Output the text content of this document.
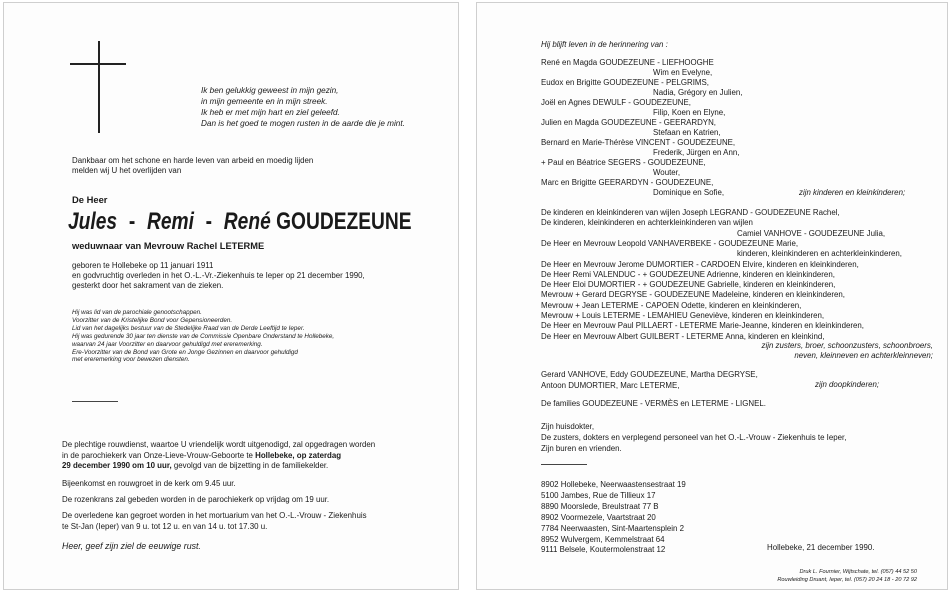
Ik ben gelukkig geweest in mijn gezin,
in mijn gemeente en in mijn streek.
Ik heb er met mijn hart en ziel geleefd.
Dan is het goed te mogen rusten in de aarde die je mint.
Dankbaar om het schone en harde leven van arbeid en moedig lijden
melden wij U het overlijden van
De Heer
Jules - Remi - René GOUDEZEUNE
weduwnaar van Mevrouw Rachel LETERME
geboren te Hollebeke op 11 januari 1911
en godvruchtig overleden in het O.-L.-Vr.-Ziekenhuis te Ieper op 21 december 1990,
gesterkt door het sakrament van de zieken.
Hij was lid van de parochiale genootschappen.
Voorzitter van de Kristelijke Bond voor Gepensioneerden.
Lid van het dagelijks bestuur van de Stedelijke Raad van de Derde Leeftijd te Ieper.
Hij was gedurende 30 jaar ten dienste van de Commissie Openbare Onderstand te Hollebeke,
waarvan 24 jaar Voorzitter en daarvoor gehuldigd met ereremerking.
Ere-Voorzitter van de Bond van Grote en Jonge Gezinnen en daarvoor gehuldigd
met ereremerking voor bewezen diensten.
De plechtige rouwdienst, waartoe U vriendelijk wordt uitgenodigd, zal opgedragen worden
in de parochiekerk van Onze-Lieve-Vrouw-Geboorte te Hollebeke, op zaterdag
29 december 1990 om 10 uur, gevolgd van de bijzetting in de familiekelder.
Bijeenkomst en rouwgroet in de kerk om 9.45 uur.
De rozenkrans zal gebeden worden in de parochiekerk op vrijdag om 19 uur.
De overledene kan gegroet worden in het mortuarium van het O.-L.-Vrouw - Ziekenhuis
te St-Jan (Ieper) van 9 u. tot 12 u. en van 14 u. tot 17.30 u.
Heer, geef zijn ziel de eeuwige rust.
Hij blijft leven in de herinnering van :
René en Magda GOUDEZEUNE - LIEFHOOGHE
Wim en Evelyne,
Eudox en Brigitte GOUDEZEUNE - PELGRIMS,
Nadia, Grégory en Julien,
Joël en Agnes DEWULF - GOUDEZEUNE,
Filip, Koen en Elyne,
Julien en Magda GOUDEZEUNE - GEERARDYN,
Stefaan en Katrien,
Bernard en Marie-Thérèse VINCENT - GOUDEZEUNE,
Frederik, Jürgen en Ann,
+ Paul en Béatrice SEGERS - GOUDEZEUNE,
Wouter,
Marc en Brigitte GEERARDYN - GOUDEZEUNE,
Dominique en Sofie,	zijn kinderen en kleinkinderen;
De kinderen en kleinkinderen van wijlen Joseph LEGRAND - GOUDEZEUNE Rachel,
De kinderen, kleinkinderen en achterkleinkinderen van wijlen
Camiel VANHOVE - GOUDEZEUNE Julia,
De Heer en Mevrouw Leopold VANHAVERBEKE - GOUDEZEUNE Marie,
kinderen, kleinkinderen en achterkleinkinderen,
De Heer en Mevrouw Jerome DUMORTIER - CARDOEN Elvire, kinderen en kleinkinderen,
De Heer Remi VALENDUC - + GOUDEZEUNE Adrienne, kinderen en kleinkinderen,
De Heer Eloi DUMORTIER - + GOUDEZEUNE Gabrielle, kinderen en kleinkinderen,
Mevrouw + Gerard DEGRYSE - GOUDEZEUNE Madeleine, kinderen en kleinkinderen,
Mevrouw + Jean LETERME - CAPOEN Odette, kinderen en kleinkinderen,
Mevrouw + Louis LETERME - LEMAHIEU Geneviève, kinderen en kleinkinderen,
De Heer en Mevrouw Paul PILLAERT - LETERME Marie-Jeanne, kinderen en kleinkinderen,
De Heer en Mevrouw Albert GUILBERT - LETERME Anna, kinderen en kleinkind,
zijn zusters, broer, schoonzusters, schoonbroers,
neven, kleinneven en achterkleinneven;
Gerard VANHOVE, Eddy GOUDEZEUNE, Martha DEGRYSE,
Antoon DUMORTIER, Marc LETERME,	zijn doopkinderen;
De families GOUDEZEUNE - VERMÈS en LETERME - LIGNEL.
Zijn huisdokter,
De zusters, dokters en verplegend personeel van het O.-L.-Vrouw - Ziekenhuis te Ieper,
Zijn buren en vrienden.
8902 Hollebeke, Neerwaastensestraat 19
5100 Jambes, Rue de Tillieux 17
8890 Moorslede, Breulstraat 77 B
8902 Voormezele, Vaartstraat 20
7784 Neerwaasten, Sint-Maartensplein 2
8952 Wulvergem, Kemmelstraat 64
9111 Belsele, Koutermolenstraat 12	Hollebeke, 21 december 1990.
Druk L. Fournier, Wijtschate, tel. (057) 44 52 50
Rouwleiding Druant, Ieper, tel. (057) 20 24 18 - 20 72 92
